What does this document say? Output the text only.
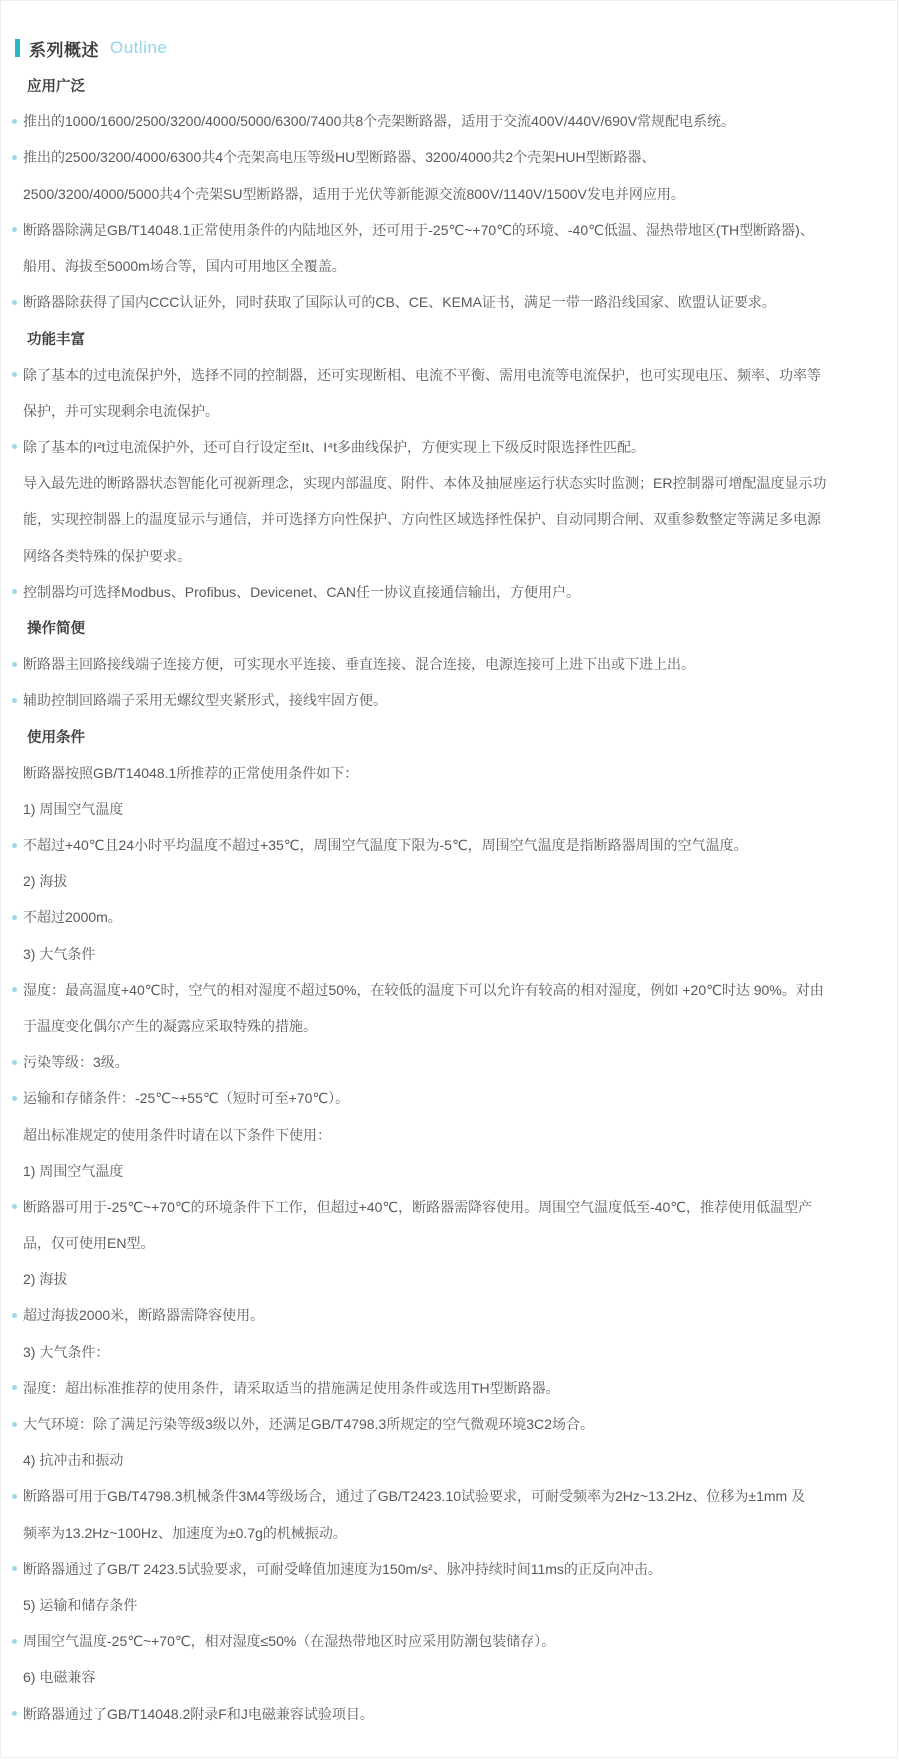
系列概述 Outline
应用广泛
推出的1000/1600/2500/3200/4000/5000/6300/7400共8个壳架断路器，适用于交流400V/440V/690V常规配电系统。
推出的2500/3200/4000/6300共4个壳架高电压等级HU型断路器、3200/4000共2个壳架HUH型断路器、
2500/3200/4000/5000共4个壳架SU型断路器，适用于光伏等新能源交流800V/1140V/1500V发电并网应用。
断路器除满足GB/T14048.1正常使用条件的内陆地区外，还可用于-25℃~+70℃的环境、-40℃低温、湿热带地区(TH型断路器)、
船用、海拔至5000m场合等，国内可用地区全覆盖。
断路器除获得了国内CCC认证外，同时获取了国际认可的CB、CE、KEMA证书，满足一带一路沿线国家、欧盟认证要求。
功能丰富
除了基本的过电流保护外，选择不同的控制器，还可实现断相、电流不平衡、需用电流等电流保护，也可实现电压、频率、功率等
保护，并可实现剩余电流保护。
除了基本的I²t过电流保护外，还可自行设定至It、I⁴t多曲线保护，方便实现上下级反时限选择性匹配。
导入最先进的断路器状态智能化可视新理念，实现内部温度、附件、本体及抽屉座运行状态实时监测；ER控制器可增配温度显示功
能，实现控制器上的温度显示与通信，并可选择方向性保护、方向性区域选择性保护、自动同期合闸、双重参数整定等满足多电源
网络各类特殊的保护要求。
控制器均可选择Modbus、Profibus、Devicenet、CAN任一协议直接通信输出，方便用户。
操作简便
断路器主回路接线端子连接方便，可实现水平连接、垂直连接、混合连接，电源连接可上进下出或下进上出。
辅助控制回路端子采用无螺纹型夹紧形式，接线牢固方便。
使用条件
断路器按照GB/T14048.1所推荐的正常使用条件如下：
1) 周围空气温度
不超过+40℃且24小时平均温度不超过+35℃，周围空气温度下限为-5℃，周围空气温度是指断路器周围的空气温度。
2) 海拔
不超过2000m。
3) 大气条件
湿度：最高温度+40℃时，空气的相对湿度不超过50%，在较低的温度下可以允许有较高的相对湿度，例如 +20℃时达 90%。对由
于温度变化偶尔产生的凝露应采取特殊的措施。
污染等级：3级。
运输和存储条件：-25℃~+55℃（短时可至+70℃）。
超出标准规定的使用条件时请在以下条件下使用：
1) 周围空气温度
断路器可用于-25℃~+70℃的环境条件下工作，但超过+40℃，断路器需降容使用。周围空气温度低至-40℃，推荐使用低温型产
品，仅可使用EN型。
2) 海拔
超过海拔2000米，断路器需降容使用。
3) 大气条件：
湿度：超出标准推荐的使用条件，请采取适当的措施满足使用条件或选用TH型断路器。
大气环境：除了满足污染等级3级以外，还满足GB/T4798.3所规定的空气微观环境3C2场合。
4) 抗冲击和振动
断路器可用于GB/T4798.3机械条件3M4等级场合，通过了GB/T2423.10试验要求，可耐受频率为2Hz~13.2Hz、位移为±1mm 及
频率为13.2Hz~100Hz、加速度为±0.7g的机械振动。
断路器通过了GB/T 2423.5试验要求，可耐受峰值加速度为150m/s²、脉冲持续时间11ms的正反向冲击。
5) 运输和储存条件
周围空气温度-25℃~+70℃，相对湿度≤50%（在湿热带地区时应采用防潮包装储存）。
6) 电磁兼容
断路器通过了GB/T14048.2附录F和J电磁兼容试验项目。
